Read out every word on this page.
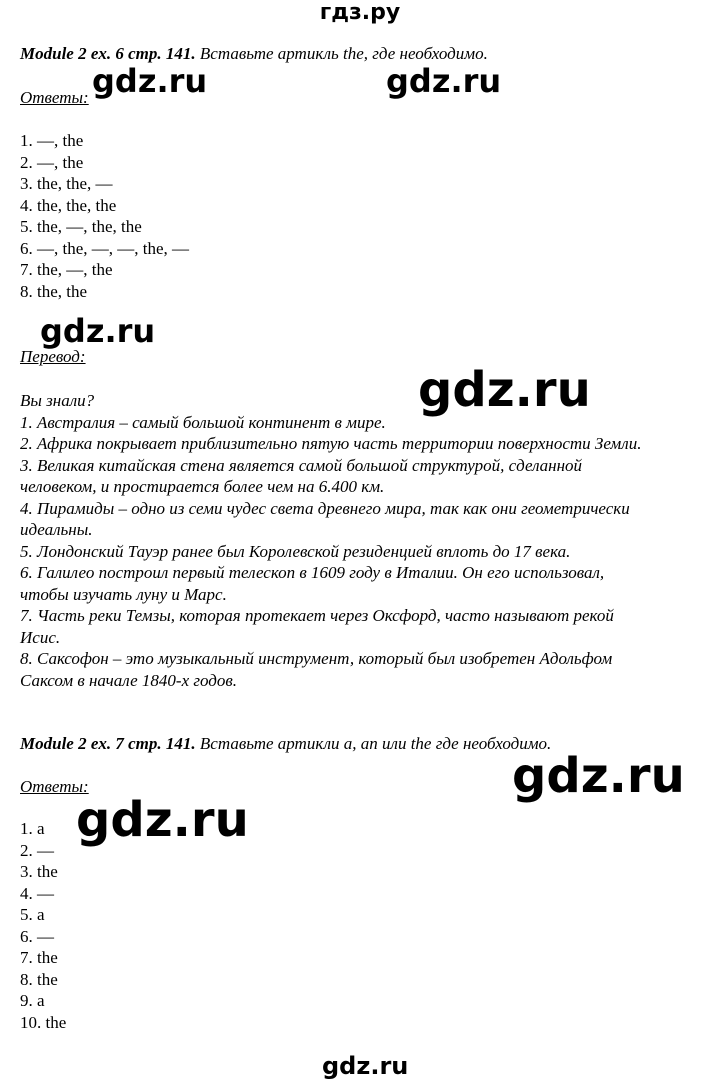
гдз.ру
Module 2 ex. 6 стр. 141. Вставьте артикль the, где необходимо.
Ответы:
1. —, the
2. —, the
3. the, the, —
4. the, the, the
5. the, —, the, the
6. —, the, —, —, the, —
7. the, —, the
8. the, the
Перевод:
Вы знали?
1. Австралия – самый большой континент в мире.
2. Африка покрывает приблизительно пятую часть территории поверхности Земли.
3. Великая китайская стена является самой большой структурой, сделанной
человеком, и простирается более чем на 6.400 км.
4. Пирамиды – одно из семи чудес света древнего мира, так как они геометрически
идеальны.
5. Лондонский Тауэр ранее был Королевской резиденцией вплоть до 17 века.
6. Галилео построил первый телескоп в 1609 году в Италии. Он его использовал,
чтобы изучать луну и Марс.
7. Часть реки Темзы, которая протекает через Оксфорд, часто называют рекой
Исис.
8. Саксофон – это музыкальный инструмент, который был изобретен Адольфом
Саксом в начале 1840-х годов.
Module 2 ex. 7 стр. 141. Вставьте артикли a, an или the где необходимо.
Ответы:
1. a
2. —
3. the
4. —
5. a
6. —
7. the
8. the
9. a
10. the
gdz.ru	gdz.ru
gdz.ru
gdz.ru
gdz.ru
gdz.ru
gdz.ru
